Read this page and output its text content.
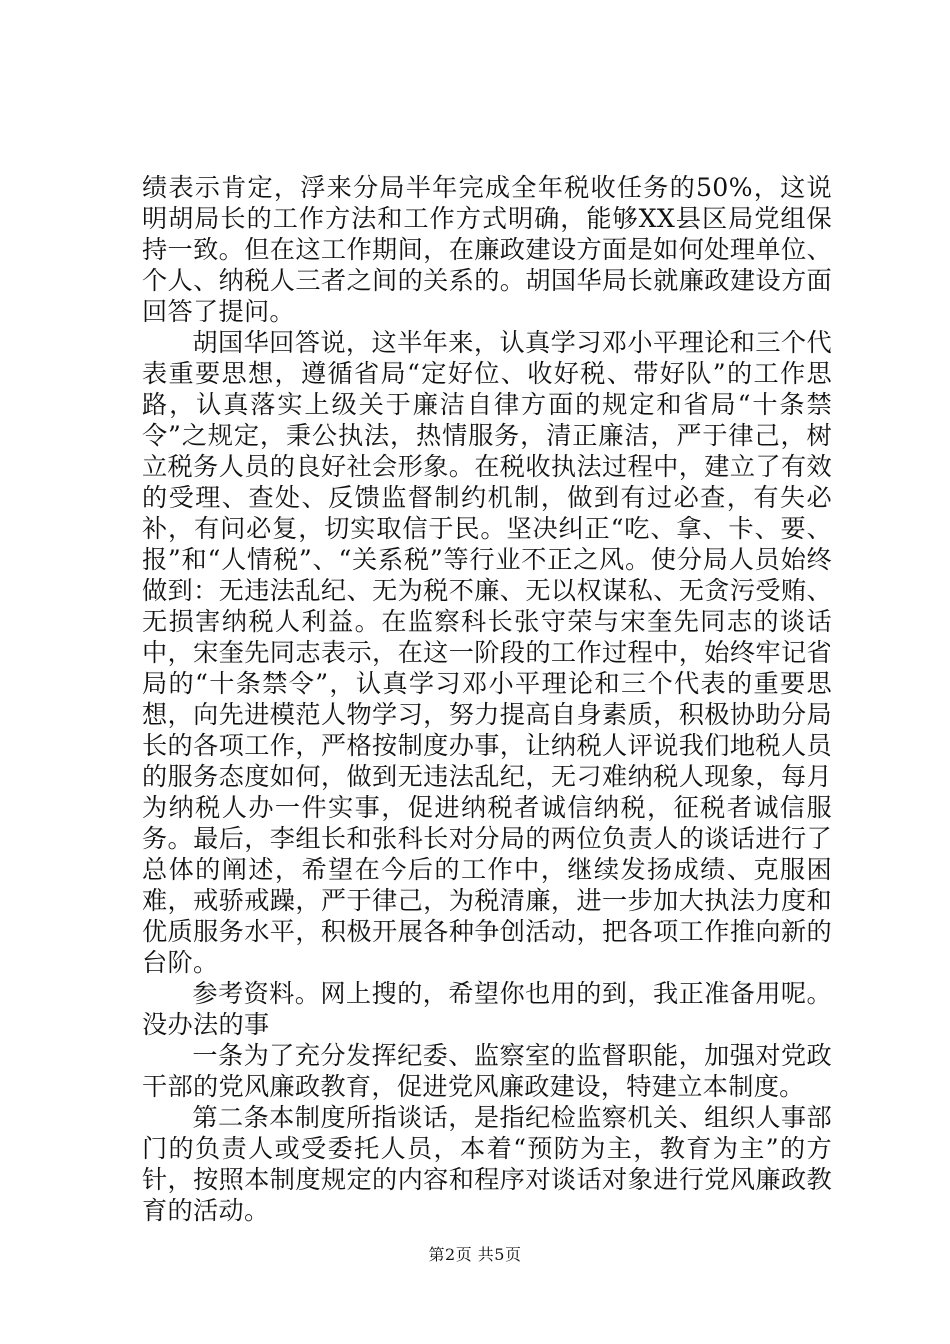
绩表示肯定，浮来分局半年完成全年税收任务的50%，这说明胡局长的工作方法和工作方式明确，能够XX县区局党组保持一致。但在这工作期间，在廉政建设方面是如何处理单位、个人、纳税人三者之间的关系的。胡国华局长就廉政建设方面回答了提问。

胡国华回答说，这半年来，认真学习邓小平理论和三个代表重要思想，遵循省局“定好位、收好税、带好队”的工作思路，认真落实上级关于廉洁自律方面的规定和省局“十条禁令”之规定，秉公执法，热情服务，清正廉洁，严于律己，树立税务人员的良好社会形象。在税收执法过程中，建立了有效的受理、查处、反馈监督制约机制，做到有过必查，有失必补，有问必复，切实取信于民。坚决纠正“吃、拿、卡、要、报”和“人情税”、“关系税”等行业不正之风。使分局人员始终做到：无违法乱纪、无为税不廉、无以权谋私、无贪污受贿、无损害纳税人利益。在监察科长张守荣与宋奎先同志的谈话中，宋奎先同志表示，在这一阶段的工作过程中，始终牢记省局的“十条禁令”，认真学习邓小平理论和三个代表的重要思想，向先进模范人物学习，努力提高自身素质，积极协助分局长的各项工作，严格按制度办事，让纳税人评说我们地税人员的服务态度如何，做到无违法乱纪，无刁难纳税人现象，每月为纳税人办一件实事，促进纳税者诚信纳税，征税者诚信服务。最后，李组长和张科长对分局的两位负责人的谈话进行了总体的阐述，希望在今后的工作中，继续发扬成绩、克服困难，戒骄戒躁，严于律己，为税清廉，进一步加大执法力度和优质服务水平，积极开展各种争创活动，把各项工作推向新的台阶。

参考资料。网上搜的，希望你也用的到，我正准备用呢。没办法的事

一条为了充分发挥纪委、监察室的监督职能，加强对党政干部的党风廉政教育，促进党风廉政建设，特建立本制度。

第二条本制度所指谈话，是指纪检监察机关、组织人事部门的负责人或受委托人员，本着“预防为主，教育为主”的方针，按照本制度规定的内容和程序对谈话对象进行党风廉政教育的活动。

第2页 共5页
